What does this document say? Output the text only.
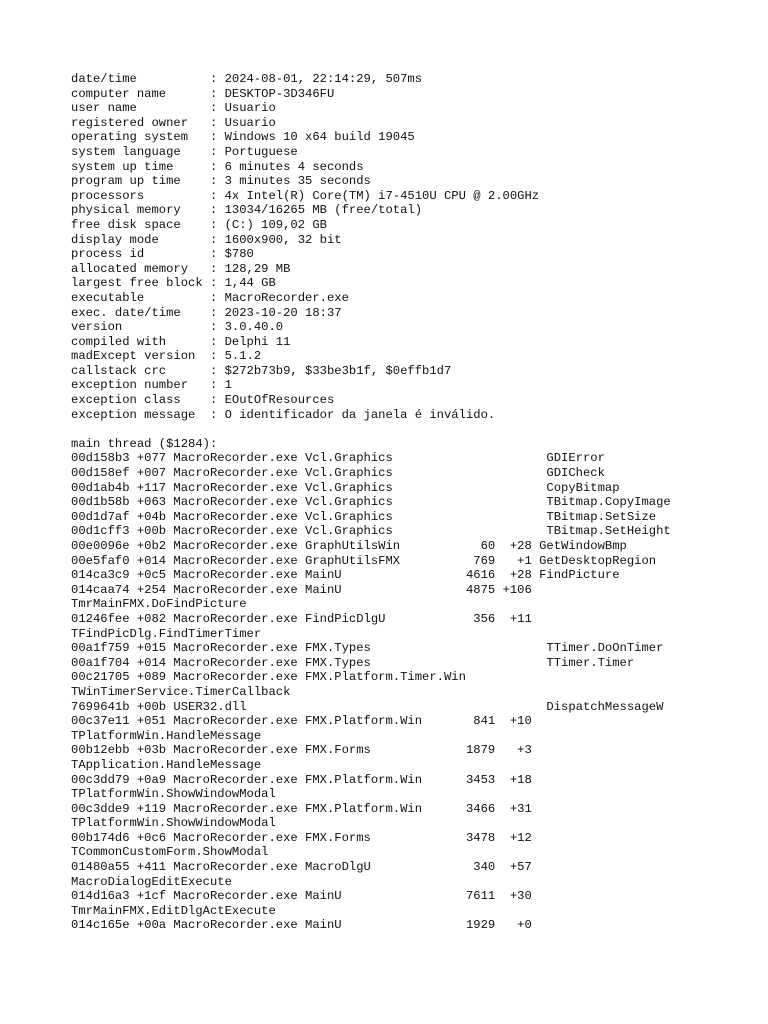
date/time          : 2024-08-01, 22:14:29, 507ms
computer name      : DESKTOP-3D346FU
user name          : Usuario
registered owner   : Usuario
operating system   : Windows 10 x64 build 19045
system language    : Portuguese
system up time     : 6 minutes 4 seconds
program up time    : 3 minutes 35 seconds
processors         : 4x Intel(R) Core(TM) i7-4510U CPU @ 2.00GHz
physical memory    : 13034/16265 MB (free/total)
free disk space    : (C:) 109,02 GB
display mode       : 1600x900, 32 bit
process id         : $780
allocated memory   : 128,29 MB
largest free block : 1,44 GB
executable         : MacroRecorder.exe
exec. date/time    : 2023-10-20 18:37
version            : 3.0.40.0
compiled with      : Delphi 11
madExcept version  : 5.1.2
callstack crc      : $272b73b9, $33be3b1f, $0effb1d7
exception number   : 1
exception class    : EOutOfResources
exception message  : O identificador da janela é inválido.
main thread ($1284):
00d158b3 +077 MacroRecorder.exe Vcl.Graphics                     GDIError
00d158ef +007 MacroRecorder.exe Vcl.Graphics                     GDICheck
00d1ab4b +117 MacroRecorder.exe Vcl.Graphics                     CopyBitmap
00d1b58b +063 MacroRecorder.exe Vcl.Graphics                     TBitmap.CopyImage
00d1d7af +04b MacroRecorder.exe Vcl.Graphics                     TBitmap.SetSize
00d1cff3 +00b MacroRecorder.exe Vcl.Graphics                     TBitmap.SetHeight
00e0096e +0b2 MacroRecorder.exe GraphUtilsWin           60  +28 GetWindowBmp
00e5faf0 +014 MacroRecorder.exe GraphUtilsFMX          769   +1 GetDesktopRegion
014ca3c9 +0c5 MacroRecorder.exe MainU                 4616  +28 FindPicture
014caa74 +254 MacroRecorder.exe MainU                 4875 +106
TmrMainFMX.DoFindPicture
01246fee +082 MacroRecorder.exe FindPicDlgU            356  +11
TFindPicDlg.FindTimerTimer
00a1f759 +015 MacroRecorder.exe FMX.Types                        TTimer.DoOnTimer
00a1f704 +014 MacroRecorder.exe FMX.Types                        TTimer.Timer
00c21705 +089 MacroRecorder.exe FMX.Platform.Timer.Win
TWinTimerService.TimerCallback
7699641b +00b USER32.dll                                         DispatchMessageW
00c37e11 +051 MacroRecorder.exe FMX.Platform.Win       841  +10
TPlatformWin.HandleMessage
00b12ebb +03b MacroRecorder.exe FMX.Forms             1879   +3
TApplication.HandleMessage
00c3dd79 +0a9 MacroRecorder.exe FMX.Platform.Win      3453  +18
TPlatformWin.ShowWindowModal
00c3dde9 +119 MacroRecorder.exe FMX.Platform.Win      3466  +31
TPlatformWin.ShowWindowModal
00b174d6 +0c6 MacroRecorder.exe FMX.Forms             3478  +12
TCommonCustomForm.ShowModal
01480a55 +411 MacroRecorder.exe MacroDlgU              340  +57
MacroDialogEditExecute
014d16a3 +1cf MacroRecorder.exe MainU                 7611  +30
TmrMainFMX.EditDlgActExecute
014c165e +00a MacroRecorder.exe MainU                 1929   +0
